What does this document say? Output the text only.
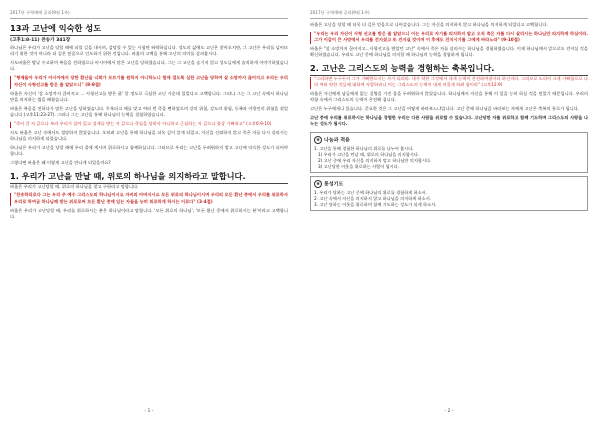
2017년 구역예배 공과(9월 1주)
13과 고난에 익숙한 성도
(고후1:8-11) 찬송가 341장

하나님은 우리가 고난을 당할 때에 피할 길을 내시며, 감당할 수 있는 시험만 허락하십니다. 성도의 삶에도 고난은 찾아오지만, 그 고난은 우리를 넘어뜨리기 위한 것이 아니라 더 깊은 믿음으로 인도하기 위한 것입니다. 바울의 고백을 통해 고난의 의미를 살펴봅시다.

사도바울은 밤낮 수고하며 복음을 전하였으나 아시아에서 많은 고난을 당하였습니다. 그는 그 고난을 숨기지 않고 성도들에게 솔직하게 이야기하였습니다.

"형제들아 우리가 아시아에서 당한 환난을 너희가 모르기를 원하지 아니하노니 힘에 겹도록 심한 고난을 당하여 살 소망까지 끊어지고 우리는 우리 자신이 사형선고를 받은 줄 알았으니" (8-9절)

바울은 자신이 '살 소망까지 끊어지고 ... 사형선고를 받은 줄' 알 정도로 극심한 고난 가운데 있었다고 고백합니다. 그러나 그는 그 고난 속에서 하나님만을 의지하는 법을 배웠습니다.

바울은 복음을 전하다가 많은 고난을 당하였습니다. 투옥되고 매를 맞고 여러 번 죽을 뻔하였으며 강의 위험, 강도의 위험, 동족과 이방인의 위험을 겪었습니다 (고후11:23-27). 그러나 그는 고난을 통해 하나님의 능력을 경험하였습니다.

"죽어 갈 자 같으나 보라 우리가 살아 있고 징계를 받는 자 같으나 죽임을 당하지 아니하고 근심하는 자 같으나 항상 기뻐하고" (고후6:9-10)

사도 바울은 고난 속에서도 절망하지 않았습니다. 오히려 고난을 통해 하나님을 더욱 깊이 알게 되었고, 자신을 신뢰하지 않고 죽은 자를 다시 살리시는 하나님을 의지하게 되었습니다.

하나님은 우리가 고난을 당할 때에 우리 곁에 계시며 위로하시고 함께하십니다. 그러므로 우리는 고난을 두려워하지 말고 고난에 익숙한 성도가 되어야 합니다.

그렇다면 바울은 왜 이렇게 고난을 만나게 되었을까요?

1. 우리가 고난을 만날 때, 위로의 하나님을 의지하라고 말합니다.

바울은 우리가 고난당할 때, 위로의 하나님을 찾고 구하라고 말합니다.

"찬송하리로다 그는 우리 주 예수 그리스도의 하나님이시요 자비의 아버지시요 모든 위로의 하나님이시며 우리의 모든 환난 중에서 우리를 위로하사 우리로 하여금 하나님께 받는 위로로써 모든 환난 중에 있는 자들을 능히 위로하게 하시는 이로다" (3-4절)

바울은 우리가 고난당할 때, 우리를 위로하시는 분은 하나님이라고 말합니다. '모든 위로의 하나님', '모든 환난 중에서 위로하시는 분'이라고 고백합니다.

- 1 -
2017년 구역예배 공과(9월 1주)

바울은 고난을 당할 때 더욱 더 깊은 믿음으로 나아갔습니다. 그는 자신을 의지하지 않고 하나님을 의지하게 되었다고 고백합니다.

"우리는 우리 자신이 사형 선고를 받은 줄 알았으니 이는 우리로 자기를 의지하지 말고 오직 죽은 자를 다시 살리시는 하나님만 의지하게 하심이라. 그가 이같이 큰 사망에서 우리를 건지셨고 또 건지실 것이며 이 후에도 건지시기를 그에게 바라노라" (9-10절)

바울은 "살 소망까지 끊어지고...사형선고를 받았던 고난" 속에서 죽은 자를 살리시는 하나님을 경험하였습니다. 이제 하나님께서 앞으로도 건지실 것을 확신하였습니다. 우리도 고난 중에 하나님을 의지할 때 하나님의 능력을 경험하게 됩니다.

2. 고난은 그리스도의 능력을 경험하는 축복입니다.

"그리하면 누구든지 그가 기뻐받으시는 자가 되리라. 내가 약한 그것에서 내게 능력이 온전하여짐이라 하신지라. 그러므로 도리어 크게 기뻐함으로 나의 여러 약한 것들에 대하여 자랑하리니 이는 그리스도의 능력이 내게 머물게 하려 함이라" (고후12:9)

바울은 자신에게 남들에게 없는 질병을 가진 몸을 두려워하지 않았습니다. 하나님께서 자신을 통해 이 일을 능히 하실 것을 믿었기 때문입니다. 우리의 약함 속에서 그리스도의 능력이 온전해 집니다.

고난은 누구에게나 있습니다. 중요한 것은 그 고난을 어떻게 바라보느냐입니다. 고난 중에 하나님을 바라보는 자에게 고난은 축복의 통로가 됩니다.

고난 중에 우리를 위로하시는 하나님을 경험한 우리는 다른 사람을 위로할 수 있습니다. 고난당한 자를 위로하고 함께 기도하며 그리스도의 사랑을 나누는 성도가 됩시다.

✽ 나눔과 적용
1. 고난을 통해 경험한 하나님의 위로를 나누어 봅시다.
1) 우리가 고난을 만날 때, 위로의 하나님을 의지합시다.
2) 고난 중에 우리 자신을 의지하지 말고 하나님만 의지합시다.
3) 고난당한 이웃을 위로하는 사람이 됩시다.
✽ 통성기도
1. 우리가 당하는 고난 중에 하나님의 위로를 경험하게 하소서.
2. 고난 속에서 자신을 의지하지 않고 하나님을 의지하게 하소서.
3. 고난 당하는 이웃을 위로하며 함께 기도하는 성도가 되게 하소서.
- 2 -
